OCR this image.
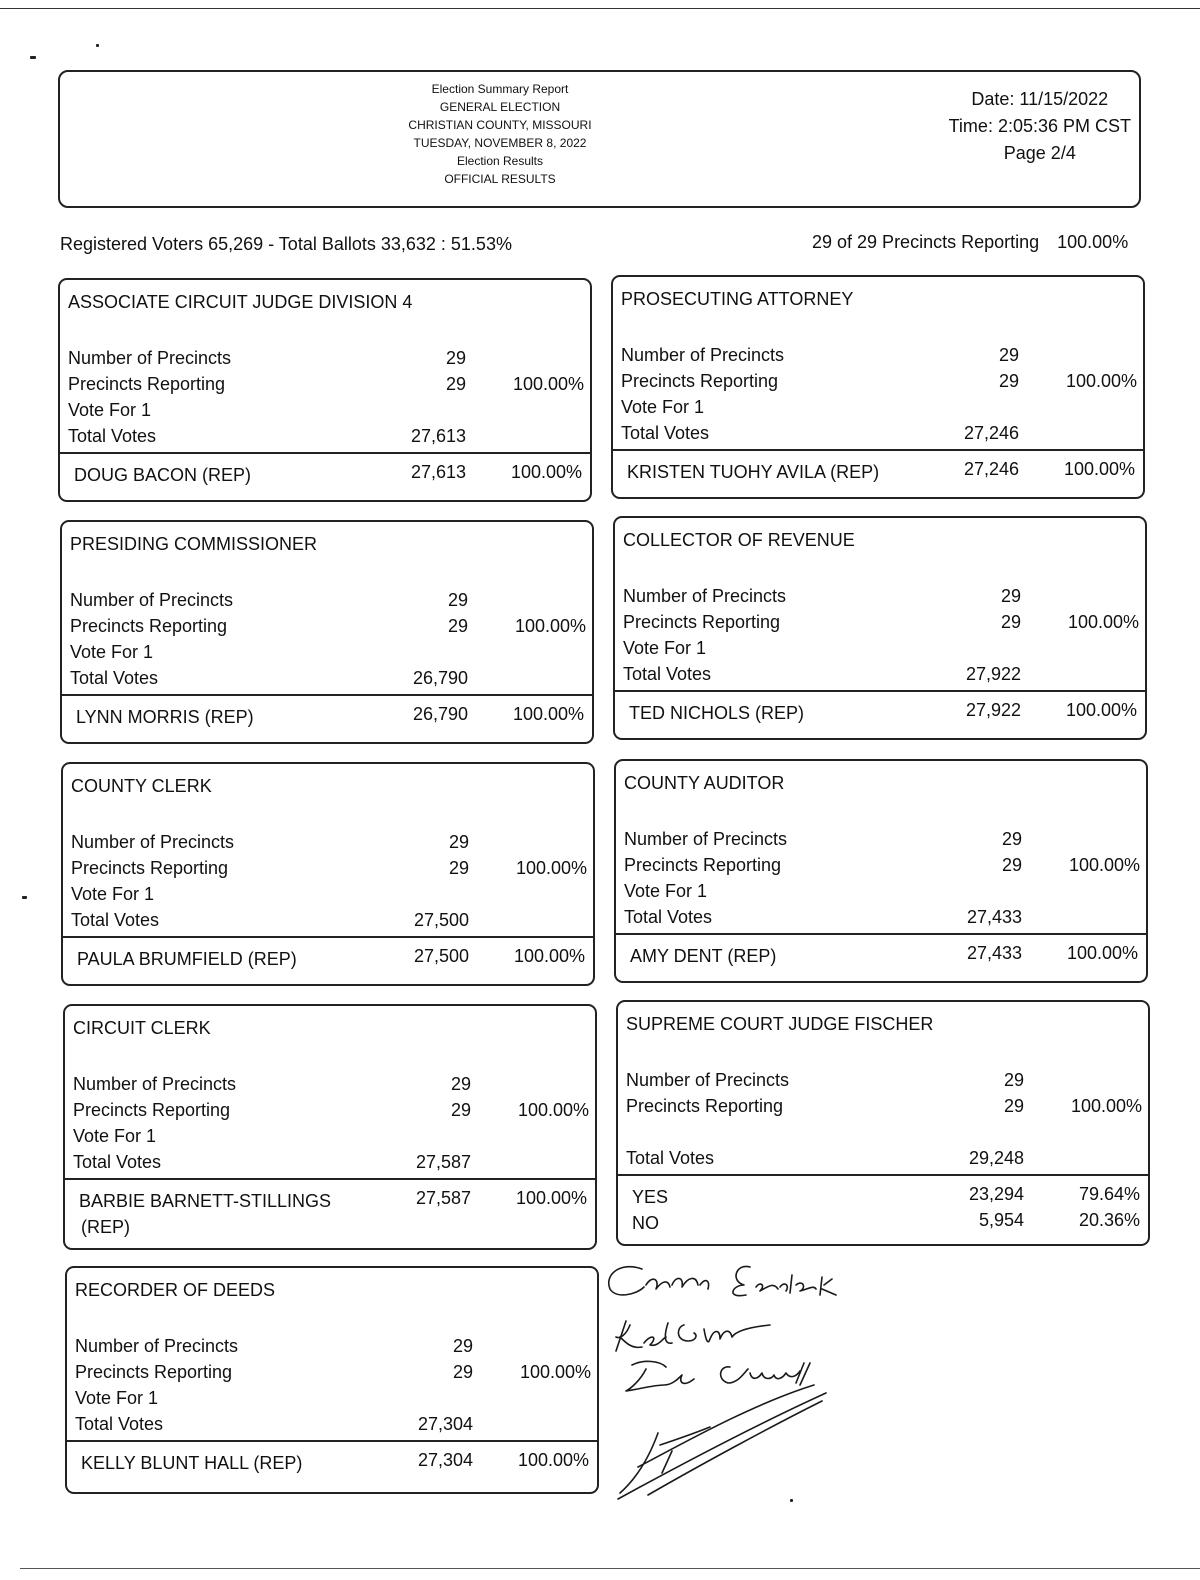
Election Summary Report
GENERAL ELECTION
CHRISTIAN COUNTY, MISSOURI
TUESDAY, NOVEMBER 8, 2022
Election Results
OFFICIAL RESULTS
Date: 11/15/2022
Time: 2:05:36 PM CST
Page 2/4
Registered Voters 65,269 - Total Ballots 33,632 : 51.53%	29 of 29 Precincts Reporting 100.00%
ASSOCIATE CIRCUIT JUDGE DIVISION 4
Number of Precincts	29
Precincts Reporting	29	100.00%
Vote For 1
Total Votes	27,613
DOUG BACON (REP)	27,613 100.00%
PROSECUTING ATTORNEY
Number of Precincts	29
Precincts Reporting	29	100.00%
Vote For 1
Total Votes	27,246
KRISTEN TUOHY AVILA (REP)	27,246 100.00%
PRESIDING COMMISSIONER
Number of Precincts	29
Precincts Reporting	29	100.00%
Vote For 1
Total Votes	26,790
LYNN MORRIS (REP)	26,790 100.00%
COLLECTOR OF REVENUE
Number of Precincts	29
Precincts Reporting	29	100.00%
Vote For 1
Total Votes	27,922
TED NICHOLS (REP)	27,922 100.00%
COUNTY CLERK
Number of Precincts	29
Precincts Reporting	29	100.00%
Vote For 1
Total Votes	27,500
PAULA BRUMFIELD (REP)	27,500 100.00%
COUNTY AUDITOR
Number of Precincts	29
Precincts Reporting	29	100.00%
Vote For 1
Total Votes	27,433
AMY DENT (REP)	27,433 100.00%
CIRCUIT CLERK
Number of Precincts	29
Precincts Reporting	29	100.00%
Vote For 1
Total Votes	27,587
BARBIE BARNETT-STILLINGS
(REP)
27,587 100.00%
SUPREME COURT JUDGE FISCHER
Number of Precincts	29
Precincts Reporting	29	100.00%
Total Votes	29,248
YES	23,294	79.64%
NO	5,954	20.36%
RECORDER OF DEEDS
Number of Precincts	29
Precincts Reporting	29	100.00%
Vote For 1
Total Votes	27,304
KELLY BLUNT HALL (REP)	27,304 100.00%
